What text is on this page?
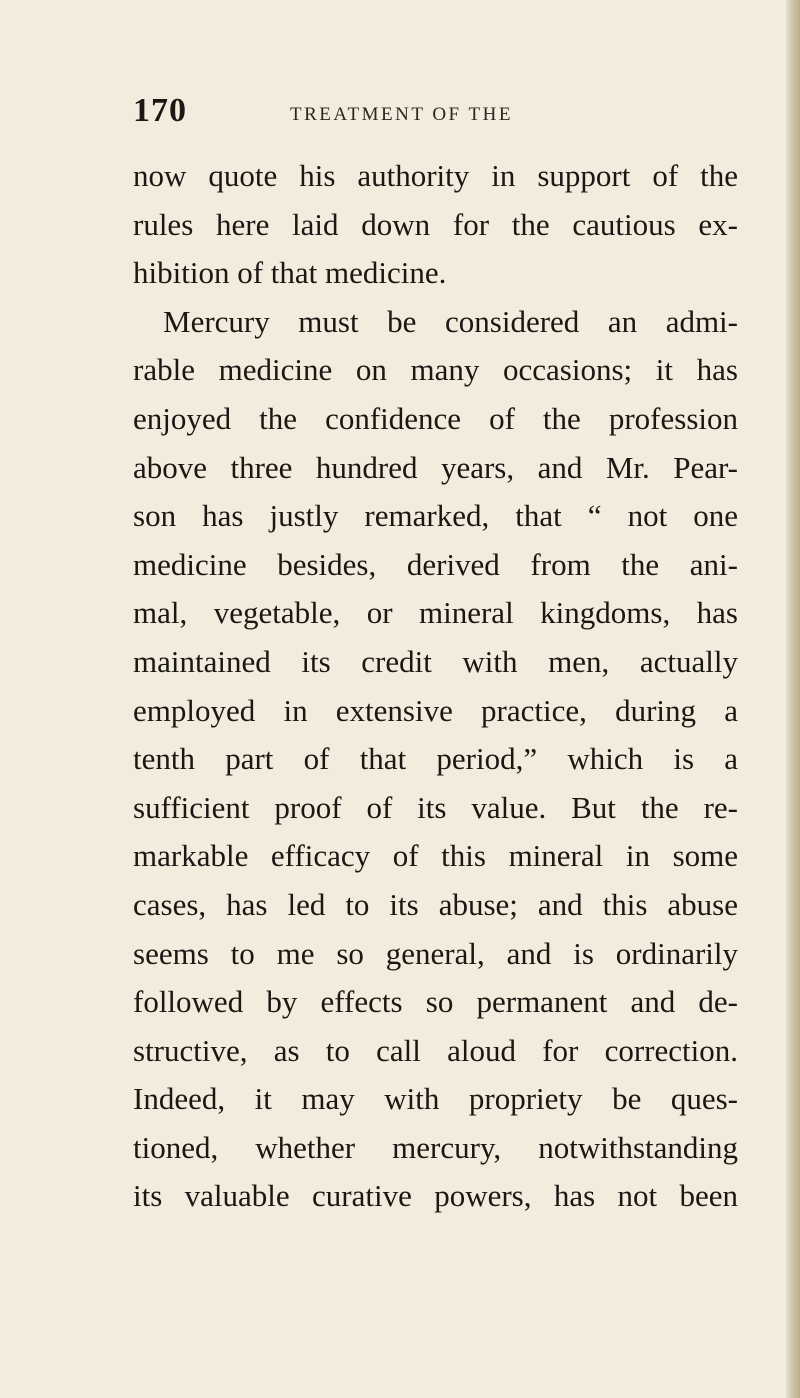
170	TREATMENT OF THE
now quote his authority in support of the
rules here laid down for the cautious ex-
hibition of that medicine.
Mercury must be considered an admi-
rable medicine on many occasions; it has
enjoyed the confidence of the profession
above three hundred years, and Mr. Pear-
son has justly remarked, that “ not one
medicine besides, derived from the ani-
mal, vegetable, or mineral kingdoms, has
maintained its credit with men, actually
employed in extensive practice, during a
tenth part of that period,” which is a
sufficient proof of its value. But the re-
markable efficacy of this mineral in some
cases, has led to its abuse; and this abuse
seems to me so general, and is ordinarily
followed by effects so permanent and de-
structive, as to call aloud for correction.
Indeed, it may with propriety be ques-
tioned, whether mercury, notwithstanding
its valuable curative powers, has not been
